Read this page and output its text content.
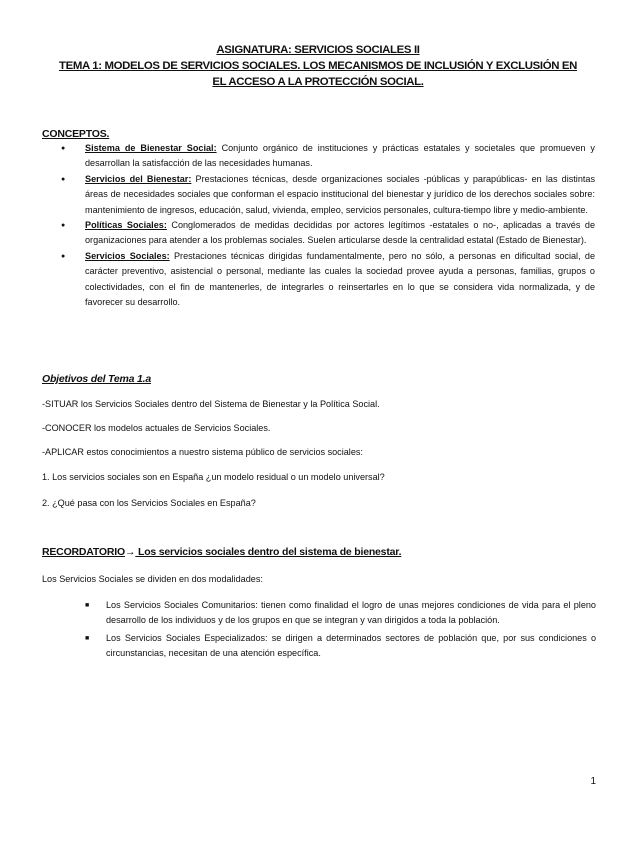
ASIGNATURA: SERVICIOS SOCIALES II
TEMA 1: MODELOS DE SERVICIOS SOCIALES. LOS MECANISMOS DE INCLUSIÓN Y EXCLUSIÓN EN
EL ACCESO A LA PROTECCIÓN SOCIAL.
CONCEPTOS.
● Sistema de Bienestar Social: Conjunto orgánico de instituciones y prácticas estatales y societales que promueven y desarrollan la satisfacción de las necesidades humanas.
● Servicios del Bienestar: Prestaciones técnicas, desde organizaciones sociales -públicas y parapúblicas- en las distintas áreas de necesidades sociales que conforman el espacio institucional del bienestar y jurídico de los derechos sociales sobre: mantenimiento de ingresos, educación, salud, vivienda, empleo, servicios personales, cultura-tiempo libre y medio-ambiente.
● Políticas Sociales: Conglomerados de medidas decididas por actores legítimos -estatales o no-, aplicadas a través de organizaciones para atender a los problemas sociales. Suelen articularse desde la centralidad estatal (Estado de Bienestar).
● Servicios Sociales: Prestaciones técnicas dirigidas fundamentalmente, pero no sólo, a personas en dificultad social, de carácter preventivo, asistencial o personal, mediante las cuales la sociedad provee ayuda a personas, familias, grupos o colectividades, con el fin de mantenerles, de integrarles o reinsertarles en lo que se considera vida normalizada, y de favorecer su desarrollo.
Objetivos del Tema 1.a
-SITUAR los Servicios Sociales dentro del Sistema de Bienestar y la Política Social.
-CONOCER los modelos actuales de Servicios Sociales.
-APLICAR estos conocimientos a nuestro sistema público de servicios sociales:
1. Los servicios sociales son en España ¿un modelo residual o un modelo universal?
2. ¿Qué pasa con los Servicios Sociales en España?
RECORDATORIO→ Los servicios sociales dentro del sistema de bienestar.
Los Servicios Sociales se dividen en dos modalidades:
■ Los Servicios Sociales Comunitarios: tienen como finalidad el logro de unas mejores condiciones de vida para el pleno desarrollo de los individuos y de los grupos en que se integran y van dirigidos a toda la población.
■ Los Servicios Sociales Especializados: se dirigen a determinados sectores de población que, por sus condiciones o circunstancias, necesitan de una atención específica.
1
